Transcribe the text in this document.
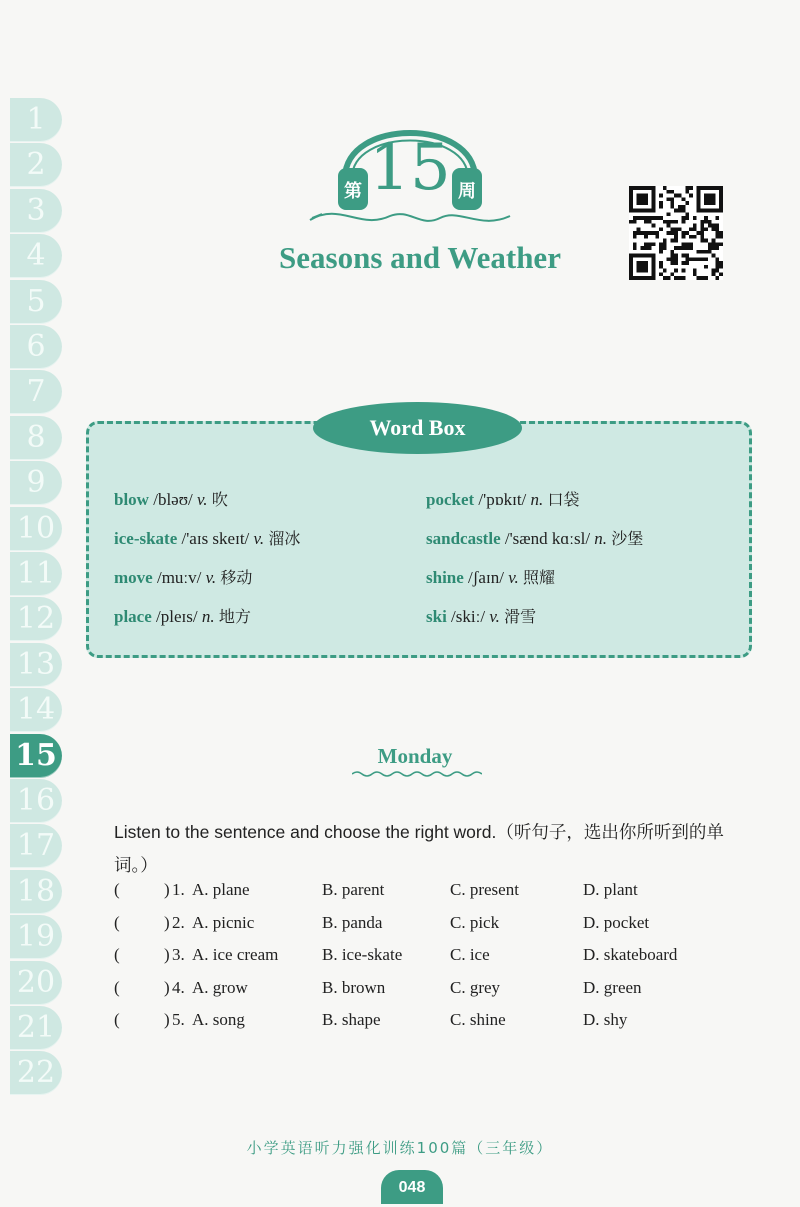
1
2
3
4
5
6
7
8
9
10
11
12
13
14
15
16
17
18
19
20
21
22
第 15 周
Seasons and Weather
Word Box
blow /bləʊ/ v. 吹
ice-skate /'aɪs skeɪt/ v. 溜冰
move /muːv/ v. 移动
place /pleɪs/ n. 地方
pocket /'pɒkɪt/ n. 口袋
sandcastle /'sænd kɑːsl/ n. 沙堡
shine /ʃaɪn/ v. 照耀
ski /skiː/ v. 滑雪
Monday
Listen to the sentence and choose the right word.（听句子，选出你所听到的单词。）
(	) 1. A. plane	B. parent	C. present	D. plant
(	) 2. A. picnic	B. panda	C. pick	D. pocket
(	) 3. A. ice cream	B. ice-skate	C. ice	D. skateboard
(	) 4. A. grow	B. brown	C. grey	D. green
(	) 5. A. song	B. shape	C. shine	D. shy
小学英语听力强化训练100篇（三年级）
048
